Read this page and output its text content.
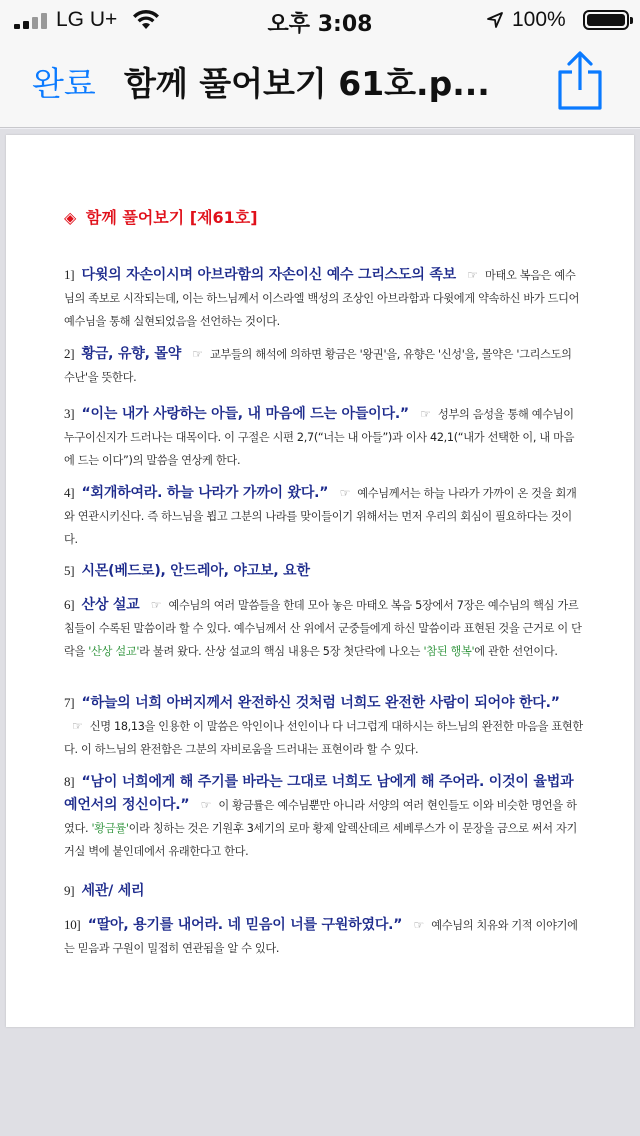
LG U+	오후 3:08	100%
완료 함께 풀어보기 61호.p...
◈ 함께 풀어보기 [제61호]
1] 다윗의 자손이시며 아브라함의 자손이신 예수 그리스도의 족보 ☞ 마태오 복음은 예수님의 족보로 시작되는데, 이는 하느님께서 이스라엘 백성의 조상인 아브라함과 다윗에게 약속하신 바가 드디어 예수님을 통해 실현되었음을 선언하는 것이다.
2] 황금, 유향, 몰약 ☞ 교부들의 해석에 의하면 황금은 '왕권'을, 유향은 '신성'을, 몰약은 '그리스도의 수난'을 뜻한다.
3] “이는 내가 사랑하는 아들, 내 마음에 드는 아들이다.” ☞ 성부의 음성을 통해 예수님이 누구이신지가 드러나는 대목이다. 이 구절은 시편 2,7(“너는 내 아들”)과 이사 42,1(“내가 선택한 이, 내 마음에 드는 이다”)의 말씀을 연상케 한다.
4] “회개하여라. 하늘 나라가 가까이 왔다.” ☞ 예수님께서는 하늘 나라가 가까이 온 것을 회개와 연관시키신다. 즉 하느님을 뵙고 그분의 나라를 맞이들이기 위해서는 먼저 우리의 회심이 필요하다는 것이다.
5] 시몬(베드로), 안드레아, 야고보, 요한
6] 산상 설교 ☞ 예수님의 여러 말씀들을 한데 모아 놓은 마태오 복음 5장에서 7장은 예수님의 핵심 가르침들이 수록된 말씀이라 할 수 있다. 예수님께서 산 위에서 군중들에게 하신 말씀이라 표현된 것을 근거로 이 단락을 '산상 설교'라 불려 왔다. 산상 설교의 핵심 내용은 5장 첫단락에 나오는 '참된 행복'에 관한 선언이다.
7] “하늘의 너희 아버지께서 완전하신 것처럼 너희도 완전한 사람이 되어야 한다.” ☞ 신명 18,13을 인용한 이 말씀은 악인이나 선인이나 다 너그럽게 대하시는 하느님의 완전한 마음을 표현한다. 이 하느님의 완전함은 그분의 자비로움을 드러내는 표현이라 할 수 있다.
8] “남이 너희에게 해 주기를 바라는 그대로 너희도 남에게 해 주어라. 이것이 율법과 예언서의 정신이다.” ☞ 이 황금률은 예수님뿐만 아니라 서양의 여러 현인들도 이와 비슷한 명언을 하였다. '황금률'이라 칭하는 것은 기원후 3세기의 로마 황제 알렉산데르 세베루스가 이 문장을 금으로 써서 자기 거실 벽에 붙인데에서 유래한다고 한다.
9] 세관/ 세리
10] “딸아, 용기를 내어라. 네 믿음이 너를 구원하였다.” ☞ 예수님의 치유와 기적 이야기에는 믿음과 구원이 밀접히 연관됨을 알 수 있다.
